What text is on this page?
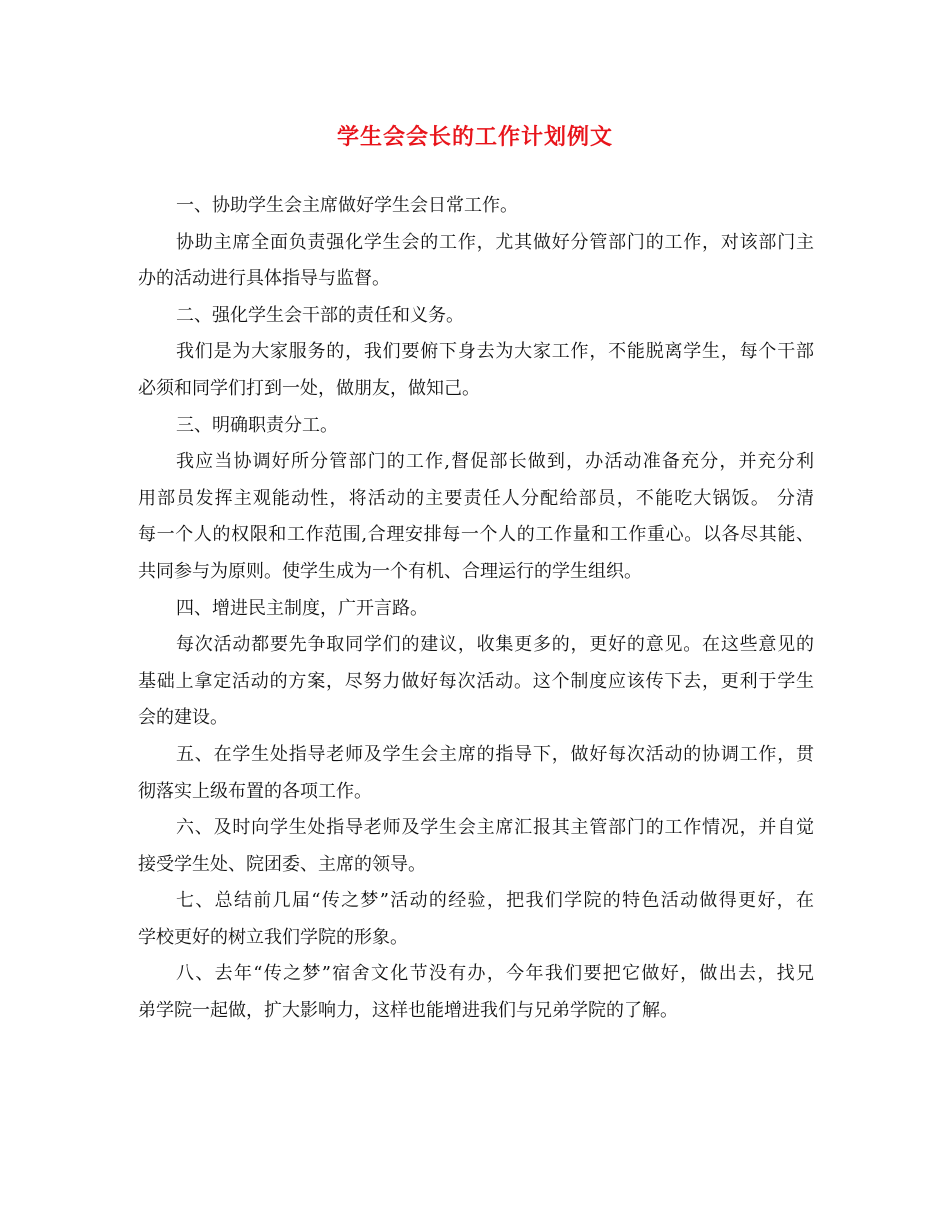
学生会会长的工作计划例文
一、协助学生会主席做好学生会日常工作。
协助主席全面负责强化学生会的工作，尤其做好分管部门的工作，对该部门主
办的活动进行具体指导与监督。
二、强化学生会干部的责任和义务。
我们是为大家服务的，我们要俯下身去为大家工作，不能脱离学生，每个干部
必须和同学们打到一处，做朋友，做知己。
三、明确职责分工。
我应当协调好所分管部门的工作,督促部长做到，办活动准备充分，并充分利
用部员发挥主观能动性，将活动的主要责任人分配给部员，不能吃大锅饭。 分清
每一个人的权限和工作范围,合理安排每一个人的工作量和工作重心。以各尽其能、
共同参与为原则。使学生成为一个有机、合理运行的学生组织。
四、增进民主制度，广开言路。
每次活动都要先争取同学们的建议，收集更多的，更好的意见。在这些意见的
基础上拿定活动的方案，尽努力做好每次活动。这个制度应该传下去，更利于学生
会的建设。
五、在学生处指导老师及学生会主席的指导下，做好每次活动的协调工作，贯
彻落实上级布置的各项工作。
六、及时向学生处指导老师及学生会主席汇报其主管部门的工作情况，并自觉
接受学生处、院团委、主席的领导。
七、总结前几届“传之梦”活动的经验，把我们学院的特色活动做得更好，在
学校更好的树立我们学院的形象。
八、去年“传之梦”宿舍文化节没有办，今年我们要把它做好，做出去，找兄
弟学院一起做，扩大影响力，这样也能增进我们与兄弟学院的了解。
